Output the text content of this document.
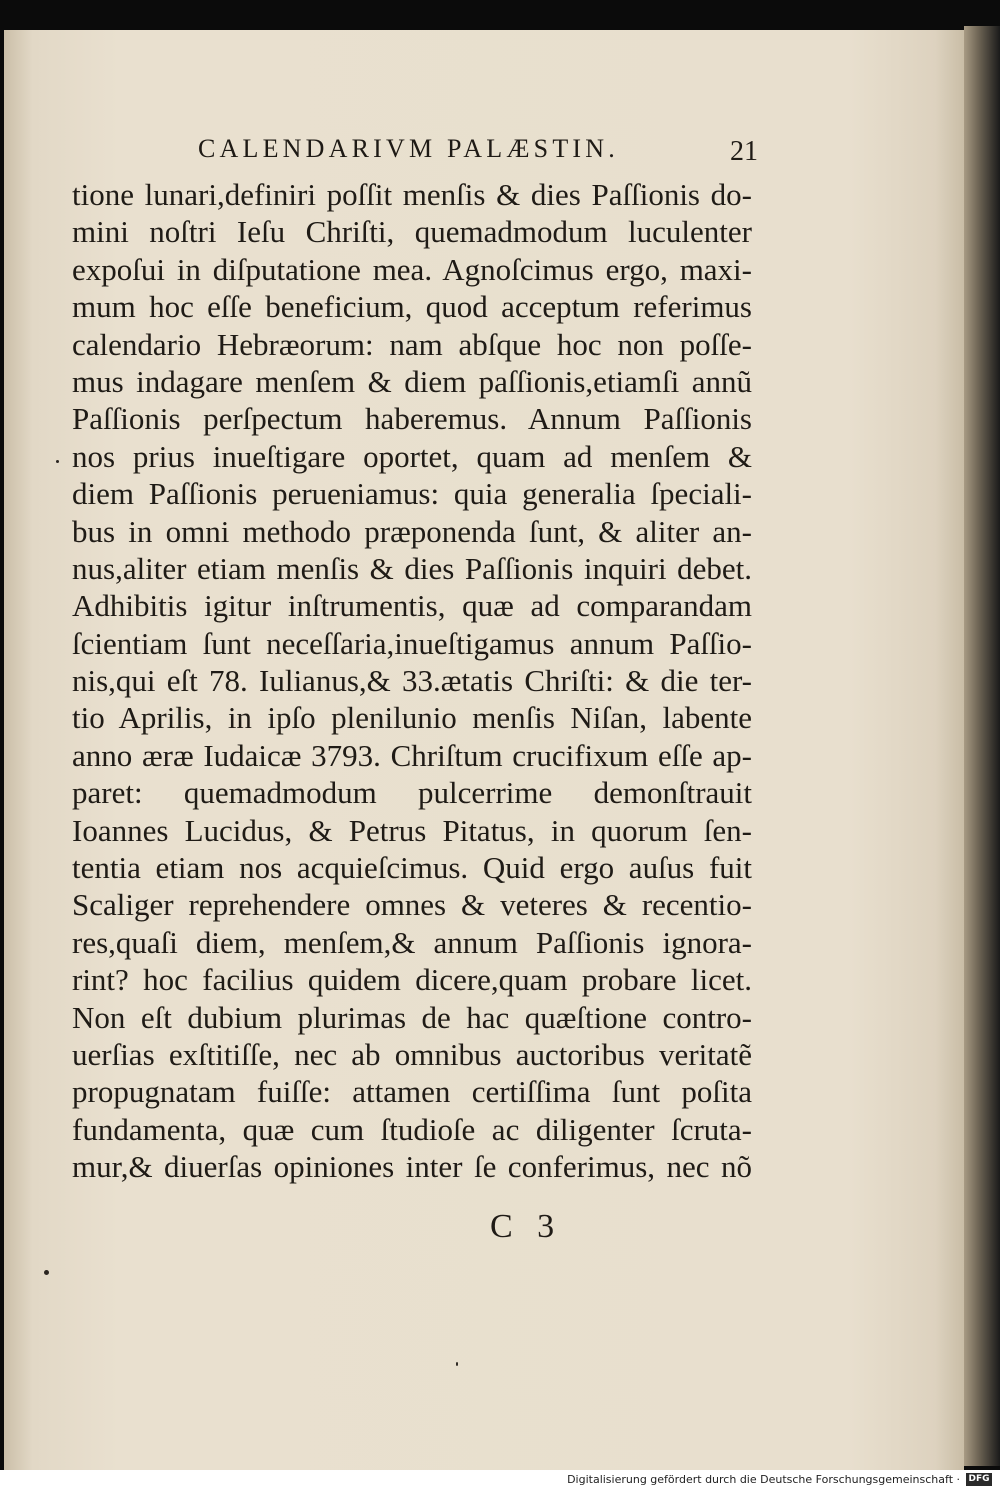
CALENDARIVM PALÆSTIN.	21
tione lunari,definiri poſſit menſis & dies Paſſionis do-
mini noſtri Ieſu Chriſti, quemadmodum luculenter
expoſui in diſputatione mea. Agnoſcimus ergo, maxi-
mum hoc eſſe beneficium, quod acceptum referimus
calendario Hebræorum: nam abſque hoc non poſſe-
mus indagare menſem & diem paſſionis,etiamſi annũ
Paſſionis perſpectum haberemus. Annum Paſſionis
nos prius inueſtigare oportet, quam ad menſem &
diem Paſſionis perueniamus: quia generalia ſpeciali-
bus in omni methodo præponenda ſunt, & aliter an-
nus,aliter etiam menſis & dies Paſſionis inquiri debet.
Adhibitis igitur inſtrumentis, quæ ad comparandam
ſcientiam ſunt neceſſaria,inueſtigamus annum Paſſio-
nis,qui eſt 78. Iulianus,& 33.ætatis Chriſti: & die ter-
tio Aprilis, in ipſo plenilunio menſis Niſan, labente
anno æræ Iudaicæ 3793. Chriſtum crucifixum eſſe ap-
paret: quemadmodum pulcerrime demonſtrauit
Ioannes Lucidus, & Petrus Pitatus, in quorum ſen-
tentia etiam nos acquieſcimus. Quid ergo auſus fuit
Scaliger reprehendere omnes & veteres & recentio-
res,quaſi diem, menſem,& annum Paſſionis ignora-
rint? hoc facilius quidem dicere,quam probare licet.
Non eſt dubium plurimas de hac quæſtione contro-
uerſias exſtitiſſe, nec ab omnibus auctoribus veritatẽ
propugnatam fuiſſe: attamen certiſſima ſunt poſita
fundamenta, quæ cum ſtudioſe ac diligenter ſcruta-
mur,& diuerſas opiniones inter ſe conferimus, nec nõ
C 3
Digitalisierung gefördert durch die Deutsche Forschungsgemeinschaft · DFG
